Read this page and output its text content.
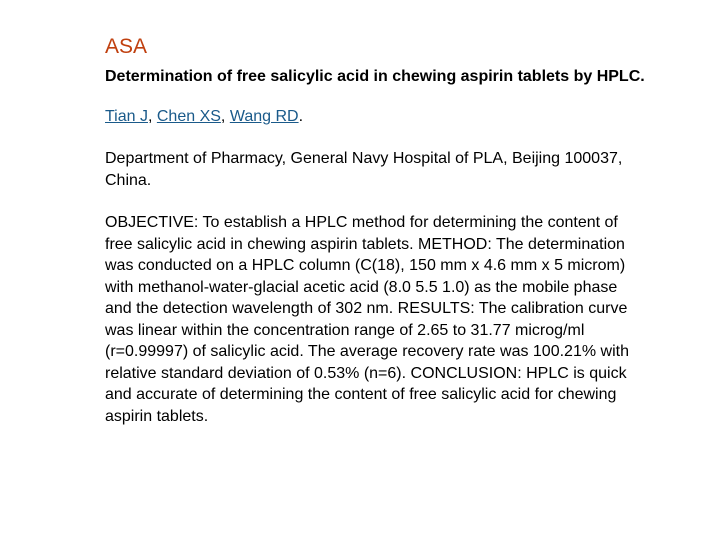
ASA
Determination of free salicylic acid in chewing aspirin tablets by HPLC.
Tian J, Chen XS, Wang RD.
Department of Pharmacy, General Navy Hospital of PLA, Beijing 100037, China.
OBJECTIVE: To establish a HPLC method for determining the content of free salicylic acid in chewing aspirin tablets. METHOD: The determination was conducted on a HPLC column (C(18), 150 mm x 4.6 mm x 5 microm) with methanol-water-glacial acetic acid (8.0 5.5 1.0) as the mobile phase and the detection wavelength of 302 nm. RESULTS: The calibration curve was linear within the concentration range of 2.65 to 31.77 microg/ml (r=0.99997) of salicylic acid. The average recovery rate was 100.21% with relative standard deviation of 0.53% (n=6). CONCLUSION: HPLC is quick and accurate of determining the content of free salicylic acid for chewing aspirin tablets.
